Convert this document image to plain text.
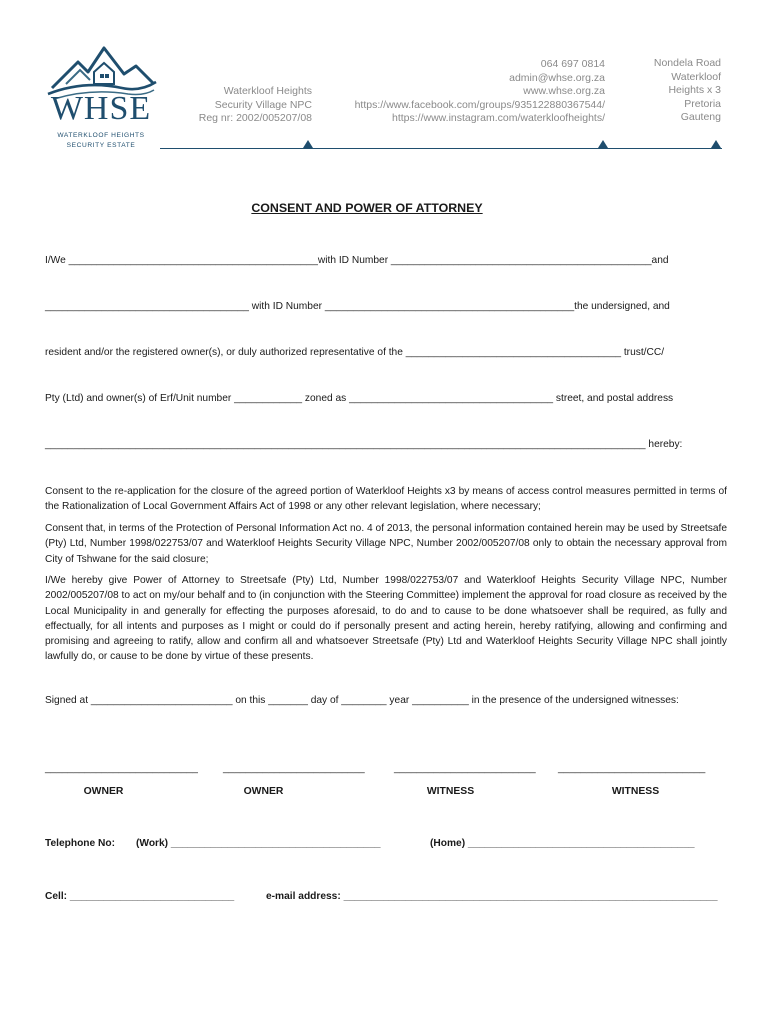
WHSE
WATERKLOOF HEIGHTS
SECURITY ESTATE
Waterkloof Heights
Security Village NPC
Reg nr: 2002/005207/08
064 697 0814
admin@whse.org.za
www.whse.org.za
https://www.facebook.com/groups/935122880367544/
https://www.instagram.com/waterkloofheights/
Nondela Road
Waterkloof
Heights x 3
Pretoria
Gauteng
CONSENT AND POWER OF ATTORNEY
I/We ____________________________________________with ID Number ______________________________________________and
____________________________________ with ID Number ____________________________________________the undersigned, and
resident and/or the registered owner(s), or duly authorized representative of the ______________________________________ trust/CC/
Pty (Ltd) and owner(s) of Erf/Unit number ____________ zoned as ____________________________________ street, and postal address
__________________________________________________________________________________________________________ hereby:
Consent to the re-application for the closure of the agreed portion of Waterkloof Heights x3 by means of access control measures permitted in terms of the Rationalization of Local Government Affairs Act of 1998 or any other relevant legislation, where necessary;
Consent that, in terms of the Protection of Personal Information Act no. 4 of 2013, the personal information contained herein may be used by Streetsafe (Pty) Ltd, Number 1998/022753/07 and Waterkloof Heights Security Village NPC, Number 2002/005207/08 only to obtain the necessary approval from City of Tshwane for the said closure;
I/We hereby give Power of Attorney to Streetsafe (Pty) Ltd, Number 1998/022753/07 and Waterkloof Heights Security Village NPC, Number 2002/005207/08 to act on my/our behalf and to (in conjunction with the Steering Committee) implement the approval for road closure as received by the Local Municipality in and generally for effecting the purposes aforesaid, to do and to cause to be done whatsoever shall be required, as fully and effectually, for all intents and purposes as I might or could do if personally present and acting herein, hereby ratifying, allowing and confirming and promising and agreeing to ratify, allow and confirm all and whatsoever Streetsafe (Pty) Ltd and Waterkloof Heights Security Village NPC shall jointly lawfully do, or cause to be done by virtue of these presents.
Signed at _________________________ on this _______ day of ________ year __________ in the presence of the undersigned witnesses:
___________________________ _________________________	_________________________ __________________________
OWNER	OWNER	WITNESS	WITNESS
Telephone No: (Work) _____________________________________	(Home) ________________________________________
Cell: _____________________________	e-mail address: __________________________________________________________________
